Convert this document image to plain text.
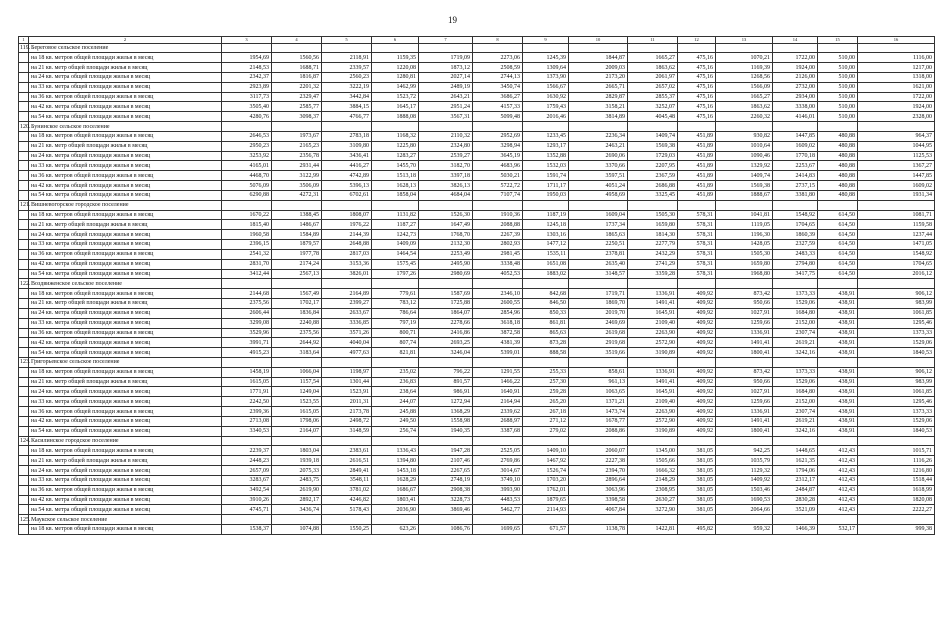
19
1	2	3	4	5	6	7	8	9	10	11	12	13	14	15	16
119.	Береговое сельское поселение														
	на 18 кв. метров общей площади жилья в месяц	1954,69	1560,56	2118,91	1159,35	1719,09	2273,06	1245,39	1844,87	1665,27	475,16	1070,21	1722,00	510,00	1116,00
	на 21 кв. метр общей площади жилья в месяц	2148,53	1688,71	2339,57	1220,08	1873,12	2508,59	1309,64	2009,03	1863,62	475,16	1169,39	1924,00	510,00	1217,00
	на 24 кв. метра общей площади жилья в месяц	2342,37	1816,87	2560,23	1280,81	2027,14	2744,13	1373,90	2173,20	2061,97	475,16	1268,56	2126,00	510,00	1318,00
	на 33 кв. метра общей площади жилья в месяц	2923,89	2201,32	3222,19	1462,99	2489,19	3450,74	1566,67	2665,71	2657,02	475,16	1566,09	2732,00	510,00	1621,00
	на 36 кв. метров общей площади жилья в месяц	3117,73	2329,47	3442,84	1523,72	2643,21	3686,27	1630,92	2829,87	2855,37	475,16	1665,27	2934,00	510,00	1722,00
	на 42 кв. метра общей площади жилья в месяц	3505,40	2585,77	3884,15	1645,17	2951,24	4157,33	1759,43	3158,21	3252,07	475,16	1863,62	3338,00	510,00	1924,00
	на 54 кв. метра общей площади жилья в месяц	4280,76	3098,37	4766,77	1888,08	3567,31	5099,48	2016,46	3814,89	4045,48	475,16	2260,32	4146,01	510,00	2328,00
120.	Бунинское сельское поселение														
	на 18 кв. метров общей площади жилья в месяц	2646,53	1973,67	2783,18	1168,32	2110,32	2952,69	1233,45	2236,34	1409,74	451,89	930,82	1447,85	480,88	964,37
	на 21 кв. метр общей площади жилья в месяц	2950,23	2165,23	3109,80	1225,80	2324,80	3298,94	1293,17	2463,21	1569,38	451,89	1010,64	1609,02	480,88	1044,95
	на 24 кв. метра общей площади жилья в месяц	3253,92	2356,78	3436,41	1283,27	2539,27	3645,19	1352,88	2690,06	1729,03	451,89	1090,46	1770,18	480,88	1125,53
	на 33 кв. метра общей площади жилья в месяц	4165,01	2931,44	4416,27	1455,70	3182,70	4683,96	1532,03	3370,66	2207,95	451,89	1329,92	2253,67	480,88	1367,27
	на 36 кв. метров общей площади жилья в месяц	4468,70	3122,99	4742,89	1513,18	3397,18	5030,21	1591,74	3597,51	2367,59	451,89	1409,74	2414,83	480,88	1447,85
	на 42 кв. метра общей площади жилья в месяц	5076,09	3506,09	5396,13	1628,13	3826,13	5722,72	1711,17	4051,24	2686,88	451,89	1569,38	2737,15	480,88	1609,02
	на 54 кв. метра общей площади жилья в месяц	6290,88	4272,31	6702,61	1858,04	4684,04	7107,74	1950,03	4958,69	3325,45	451,89	1888,67	3381,80	480,88	1931,34
121.	Вишневогорское городское поселение														
	на 18 кв. метров общей площади жилья в месяц	1670,22	1388,45	1808,07	1131,82	1526,30	1910,36	1187,19	1609,04	1505,30	578,31	1041,81	1548,92	614,50	1081,71
	на 21 кв. метр общей площади жилья в месяц	1815,40	1486,67	1976,22	1187,27	1647,49	2088,88	1245,18	1737,34	1659,80	578,31	1119,05	1704,65	614,50	1159,58
	на 24 кв. метра общей площади жилья в месяц	1960,58	1584,89	2144,39	1242,73	1768,70	2267,39	1303,16	1865,63	1814,30	578,31	1196,30	1860,39	614,50	1237,44
	на 33 кв. метра общей площади жилья в месяц	2396,15	1879,57	2648,88	1409,09	2132,30	2802,93	1477,12	2250,51	2277,79	578,31	1428,05	2327,59	614,50	1471,05
	на 36 кв. метров общей площади жилья в месяц	2541,32	1977,78	2817,03	1464,54	2253,49	2981,45	1535,11	2378,81	2432,29	578,31	1505,30	2483,33	614,50	1548,92
	на 42 кв. метра общей площади жилья в месяц	2831,70	2174,24	3153,36	1575,45	2495,90	3338,48	1651,08	2635,40	2741,29	578,31	1659,80	2794,80	614,50	1704,65
	на 54 кв. метра общей площади жилья в месяц	3412,44	2567,13	3826,01	1797,26	2980,69	4052,53	1883,02	3148,57	3359,28	578,31	1968,80	3417,75	614,50	2016,12
122.	Воздвиженское сельское поселение														
	на 18 кв. метров общей площади жилья в месяц	2144,68	1567,49	2164,89	779,61	1587,69	2346,10	842,68	1719,71	1336,91	409,92	873,42	1373,33	438,91	906,12
	на 21 кв. метр общей площади жилья в месяц	2375,56	1702,17	2399,27	783,12	1725,88	2600,55	846,50	1869,70	1491,41	409,92	950,66	1529,06	438,91	983,99
	на 24 кв. метра общей площади жилья в месяц	2606,44	1836,84	2633,67	786,64	1864,07	2854,96	850,33	2019,70	1645,91	409,92	1027,91	1684,80	438,91	1061,85
	на 33 кв. метра общей площади жилья в месяц	3299,08	2240,88	3336,85	797,19	2278,66	3618,18	861,81	2469,69	2109,40	409,92	1259,66	2152,00	438,91	1295,46
	на 36 кв. метров общей площади жилья в месяц	3529,96	2375,56	3571,26	800,71	2416,86	3872,58	865,63	2619,68	2263,90	409,92	1336,91	2307,74	438,91	1373,33
	на 42 кв. метра общей площади жилья в месяц	3991,71	2644,92	4040,04	807,74	2693,25	4381,39	873,28	2919,68	2572,90	409,92	1491,41	2619,21	438,91	1529,06
	на 54 кв. метра общей площади жилья в месяц	4915,23	3183,64	4977,63	821,81	3246,04	5399,01	888,58	3519,66	3190,89	409,92	1800,41	3242,16	438,91	1840,53
123.	Григорьевское сельское поселение														
	на 18 кв. метров общей площади жилья в месяц	1458,19	1066,04	1198,97	235,02	796,22	1291,55	255,33	858,61	1336,91	409,92	873,42	1373,33	438,91	906,12
	на 21 кв. метр общей площади жилья в месяц	1615,05	1157,54	1301,44	236,83	891,57	1466,22	257,30	961,13	1491,41	409,92	950,66	1529,06	438,91	983,99
	на 24 кв. метра общей площади жилья в месяц	1771,91	1249,04	1523,91	238,64	986,91	1640,91	259,28	1063,65	1645,91	409,92	1027,91	1684,80	438,91	1061,85
	на 33 кв. метра общей площади жилья в месяц	2242,50	1523,55	2011,31	244,07	1272,94	2164,94	265,20	1371,21	2109,40	409,92	1259,66	2152,00	438,91	1295,46
	на 36 кв. метров общей площади жилья в месяц	2399,36	1615,05	2173,78	245,88	1368,29	2339,62	267,18	1473,74	2263,90	409,92	1336,91	2307,74	438,91	1373,33
	на 42 кв. метра общей площади жилья в месяц	2713,08	1798,06	2498,72	249,50	1558,98	2688,97	271,12	1678,77	2572,90	409,92	1491,41	2619,21	438,91	1529,06
	на 54 кв. метра общей площади жилья в месяц	3340,53	2164,07	3148,59	256,74	1940,35	3387,68	279,02	2088,86	3190,89	409,92	1800,41	3242,16	438,91	1840,53
124.	Касилинское городское поселение														
	на 18 кв. метров общей площади жилья в месяц	2239,37	1803,04	2383,61	1336,43	1947,28	2525,05	1409,10	2060,07	1345,00	381,05	942,25	1448,65	412,43	1015,71
	на 21 кв. метр общей площади жилья в месяц	2448,23	1939,18	2616,51	1394,80	2107,46	2769,86	1467,92	2227,38	1505,66	381,05	1035,79	1621,35	412,43	1116,26
	на 24 кв. метра общей площади жилья в месяц	2657,09	2075,33	2849,41	1453,18	2267,65	3014,67	1526,74	2394,70	1666,32	381,05	1129,32	1794,06	412,43	1216,80
	на 33 кв. метра общей площади жилья в месяц	3283,67	2483,75	3548,11	1628,29	2748,19	3749,10	1703,20	2896,64	2148,29	381,05	1409,92	2312,17	412,43	1518,44
	на 36 кв. метров общей площади жилья в месяц	3492,54	2619,90	3781,02	1686,67	2908,38	3993,90	1762,01	3063,96	2308,95	381,05	1503,46	2484,87	412,43	1618,99
	на 42 кв. метра общей площади жилья в месяц	3910,26	2892,17	4246,82	1803,41	3228,73	4483,53	1879,65	3398,58	2630,27	381,05	1690,53	2830,28	412,43	1820,08
	на 54 кв. метра общей площади жилья в месяц	4745,71	3436,74	5178,43	2036,90	3869,46	5462,77	2114,93	4067,84	3272,90	381,05	2064,66	3521,09	412,43	2222,27
125.	Маукское сельское поселение														
	на 18 кв. метров общей площади жилья в месяц	1538,37	1074,88	1550,25	623,26	1086,76	1699,65	671,57	1138,78	1422,81	495,82	959,32	1466,39	532,17	999,38
